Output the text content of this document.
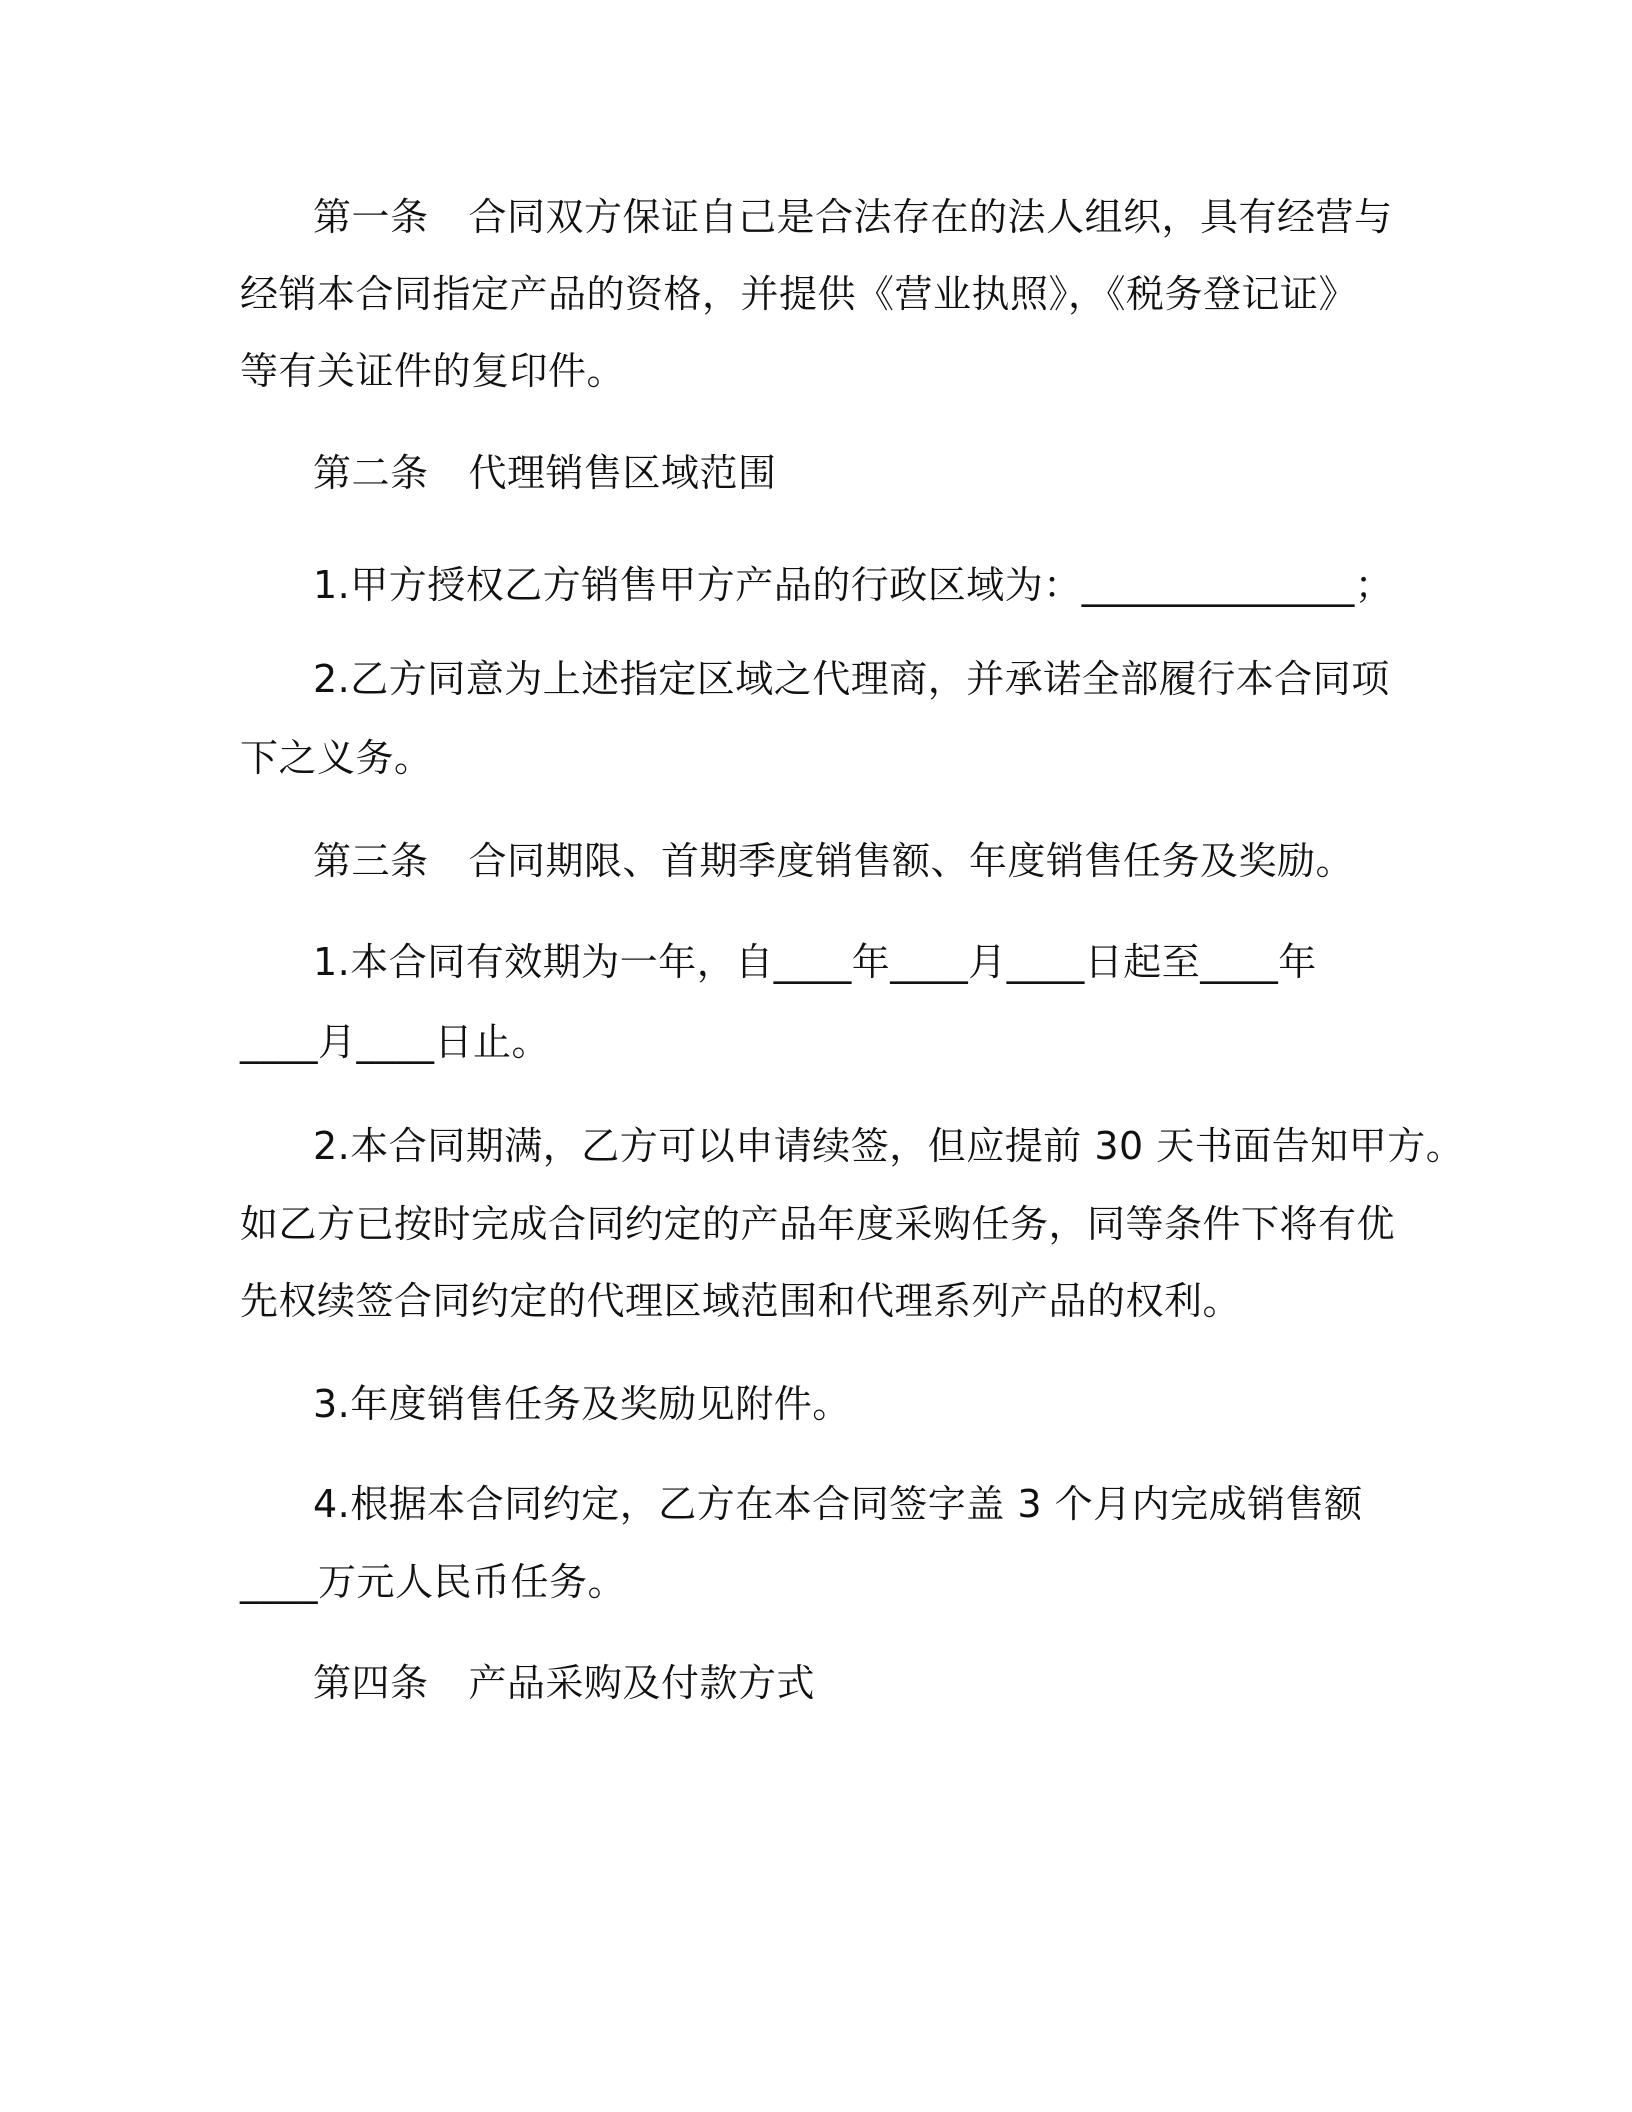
第一条 合同双方保证自己是合法存在的法人组织，具有经营与
经销本合同指定产品的资格，并提供《营业执照》，《税务登记证》
等有关证件的复印件。
第二条 代理销售区域范围
1.甲方授权乙方销售甲方产品的行政区域为：______________；
2.乙方同意为上述指定区域之代理商，并承诺全部履行本合同项
下之义务。
第三条 合同期限、首期季度销售额、年度销售任务及奖励。
1.本合同有效期为一年，自____年____月____日起至____年
____月____日止。
2.本合同期满，乙方可以申请续签，但应提前 30 天书面告知甲方。
如乙方已按时完成合同约定的产品年度采购任务，同等条件下将有优
先权续签合同约定的代理区域范围和代理系列产品的权利。
3.年度销售任务及奖励见附件。
4.根据本合同约定，乙方在本合同签字盖 3 个月内完成销售额
____万元人民币任务。
第四条 产品采购及付款方式
